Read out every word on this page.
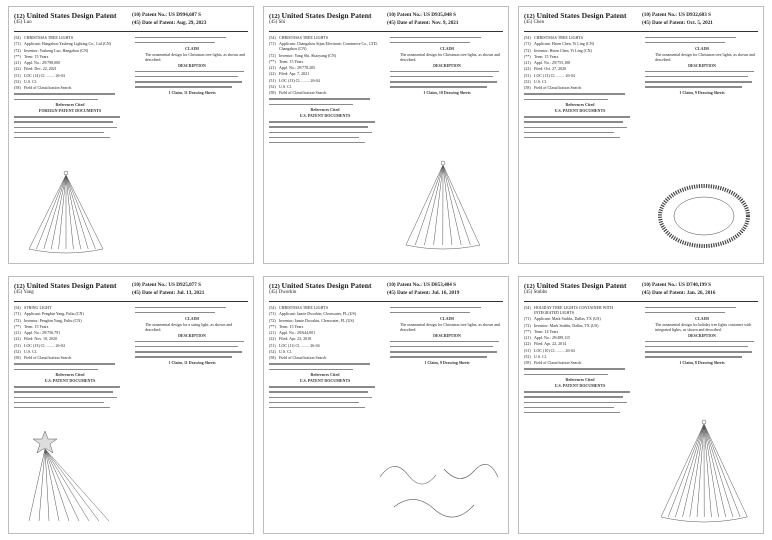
(12) United States Design Patent
(45) Luo
(10) Patent No.: US D994,687 S
(45) Date of Patent: Aug. 29, 2023
(54) CHRISTMAS TREE LIGHTS
(71) Applicant: Hangzhou Yasheng Lighting Co., Ltd.(CN)
(72) Inventor: Yasheng Luo, Hangzhou (CN)
(**) Term: 15 Years
(21) Appl. No.: 29/798,000
(22) Filed: Dec. 22, 2021
(51) LOC (14) Cl. ........ 26-04
(52) U.S. Cl.
(58) Field of Classification Search
References Cited
FOREIGN PATENT DOCUMENTS
CLAIM
The ornamental design for Christmas tree lights, as shown and described.
DESCRIPTION
1 Claim, 11 Drawing Sheets
(12) United States Design Patent
(45) Shi
(10) Patent No.: US D935,848 S
(45) Date of Patent: Nov. 9, 2021
(54) CHRISTMAS TREE LIGHTS
(71) Applicant: Changzhou Sijun Electronic Commerce Co., LTD, Changzhou (CN)
(72) Inventor: Yang Shi, Shaoyang (CN)
(**) Term: 15 Years
(21) Appl. No.: 29/778,205
(22) Filed: Apr. 7, 2021
(51) LOC (13) Cl. ........ 26-04
(52) U.S. Cl.
(58) Field of Classification Search
References Cited
U.S. PATENT DOCUMENTS
CLAIM
The ornamental design for Christmas tree lights, as shown and described.
DESCRIPTION
1 Claim, 10 Drawing Sheets
(12) United States Design Patent
(45) Chen
(10) Patent No.: US D932,683 S
(45) Date of Patent: Oct. 5, 2021
(54) CHRISTMAS TREE LIGHTS
(71) Applicant: Hsien Chen, Yi Ling (CN)
(72) Inventor: Hsien Chen, Yi Ling (CN)
(**) Term: 15 Years
(21) Appl. No.: 29/755,108
(22) Filed: Oct. 27, 2020
(51) LOC (13) Cl. ........ 26-04
(52) U.S. Cl.
(58) Field of Classification Search
References Cited
U.S. PATENT DOCUMENTS
CLAIM
The ornamental design for Christmas tree lights, as shown and described.
DESCRIPTION
1 Claim, 9 Drawing Sheets
(12) United States Design Patent
(45) Yang
(10) Patent No.: US D925,077 S
(45) Date of Patent: Jul. 13, 2021
(54) STRING LIGHT
(71) Applicant: Pengbin Yang, Fuliu (CN)
(72) Inventor: Pengbin Yang, Fuliu (CN)
(**) Term: 15 Years
(21) Appl. No.: 29/756,791
(22) Filed: Nov. 10, 2020
(51) LOC (13) Cl. ........ 26-04
(52) U.S. Cl.
(58) Field of Classification Search
References Cited
U.S. PATENT DOCUMENTS
CLAIM
The ornamental design for a string light, as shown and described.
DESCRIPTION
1 Claim, 11 Drawing Sheets
(12) United States Design Patent
(45) Dworkin
(10) Patent No.: US D853,484 S
(45) Date of Patent: Jul. 16, 2019
(54) CHRISTMAS TREE LIGHTS
(71) Applicant: Jamie Dworkin, Clearwater, FL (US)
(72) Inventor: Jamie Dworkin, Clearwater, FL (US)
(**) Term: 15 Years
(21) Appl. No.: 29/644,001
(22) Filed: Apr. 23, 2018
(51) LOC (11) Cl. ........ 26-04
(52) U.S. Cl.
(58) Field of Classification Search
References Cited
U.S. PATENT DOCUMENTS
CLAIM
The ornamental design for Christmas tree lights, as shown and described.
DESCRIPTION
1 Claim, 9 Drawing Sheets
(12) United States Design Patent
(45) Stubbs
(10) Patent No.: US D740,199 S
(45) Date of Patent: Jan. 26, 2016
(54) HOLIDAY TREE LIGHTS CONTAINER WITH INTEGRATED LIGHTS
(71) Applicant: Mark Stubbs, Dallas, TX (US)
(72) Inventor: Mark Stubbs, Dallas, TX (US)
(**) Term: 14 Years
(21) Appl. No.: 29/489,115
(22) Filed: Apr. 22, 2014
(51) LOC (10) Cl. ........ 26-04
(52) U.S. Cl.
(58) Field of Classification Search
References Cited
U.S. PATENT DOCUMENTS
CLAIM
The ornamental design for holiday tree lights container with integrated lights, as shown and described.
DESCRIPTION
1 Claim, 8 Drawing Sheets
